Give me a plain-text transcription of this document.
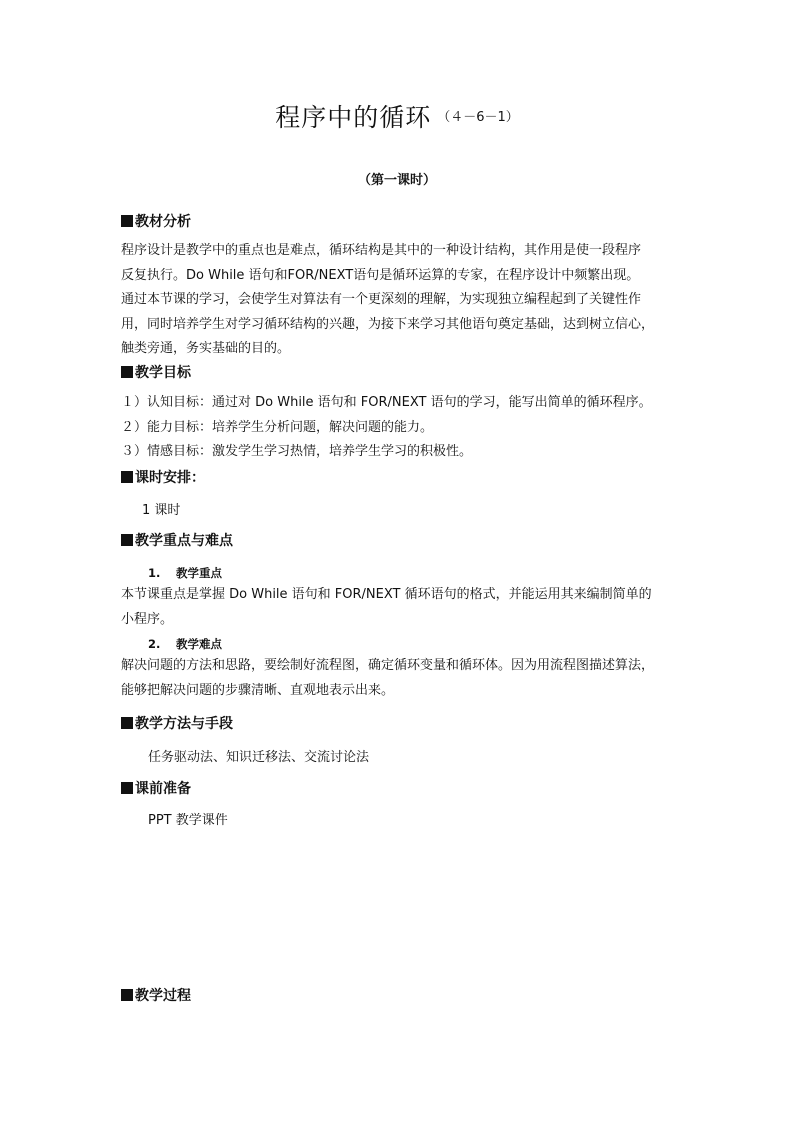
程序中的循环 $^{(4-6-1)}$
（第一课时）
教材分析
程序设计是教学中的重点也是难点，循环结构是其中的一种设计结构，其作用是使一段程序
反复执行。Do While 语句和FOR/NEXT语句是循环运算的专家，在程序设计中频繁出现。
通过本节课的学习，会使学生对算法有一个更深刻的理解，为实现独立编程起到了关键性作
用，同时培养学生对学习循环结构的兴趣，为接下来学习其他语句奠定基础，达到树立信心，
触类旁通，务实基础的目的。
教学目标
１）认知目标：通过对 Do While 语句和 FOR/NEXT 语句的学习，能写出简单的循环程序。
２）能力目标：培养学生分析问题，解决问题的能力。
３）情感目标：激发学生学习热情，培养学生学习的积极性。
课时安排：
1 课时
教学重点与难点
1. 教学重点
本节课重点是掌握 Do While 语句和 FOR/NEXT 循环语句的格式，并能运用其来编制简单的
小程序。
2. 教学难点
解决问题的方法和思路，要绘制好流程图，确定循环变量和循环体。因为用流程图描述算法，
能够把解决问题的步骤清晰、直观地表示出来。
教学方法与手段
任务驱动法、知识迁移法、交流讨论法
课前准备
PPT 教学课件
教学过程
